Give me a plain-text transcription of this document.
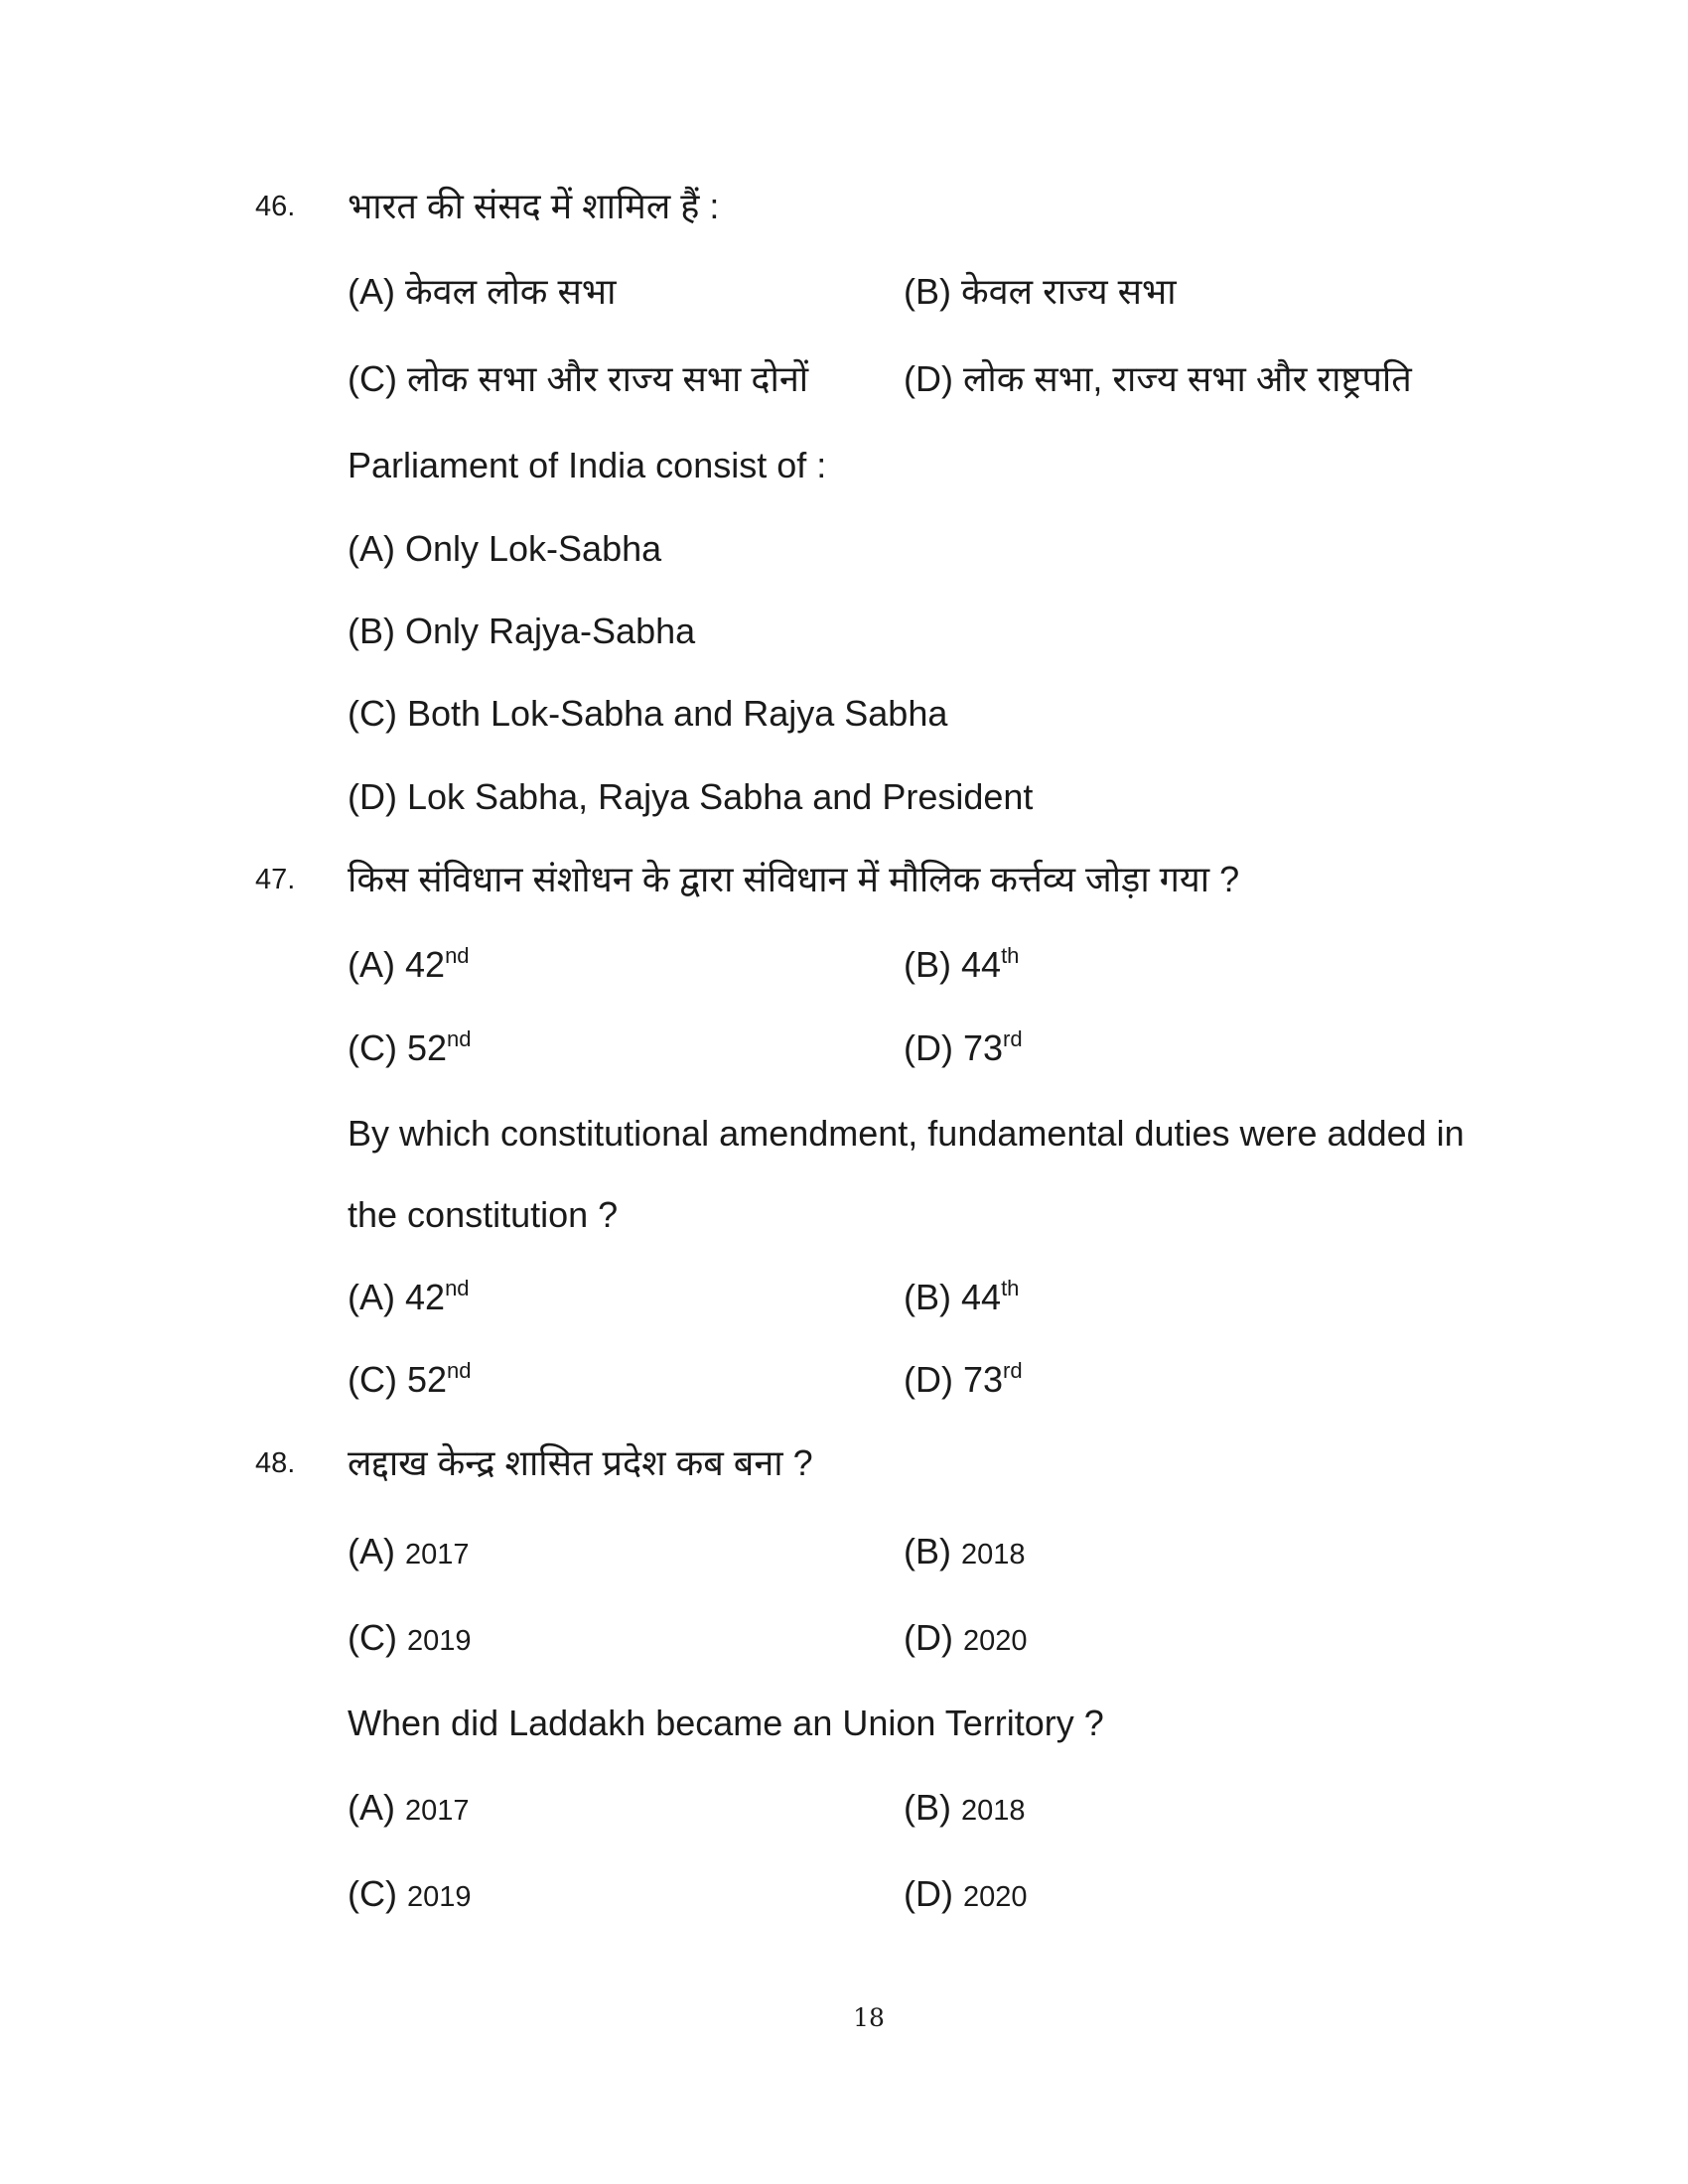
46. भारत की संसद में शामिल हैं :
(A) केवल लोक सभा	(B) केवल राज्य सभा
(C) लोक सभा और राज्य सभा दोनों	(D) लोक सभा, राज्य सभा और राष्ट्रपति
Parliament of India consist of :
(A) Only Lok-Sabha
(B) Only Rajya-Sabha
(C) Both Lok-Sabha and Rajya Sabha
(D) Lok Sabha, Rajya Sabha and President
47. किस संविधान संशोधन के द्वारा संविधान में मौलिक कर्त्तव्य जोड़ा गया ?
(A) 42nd	(B) 44th
(C) 52nd	(D) 73rd
By which constitutional amendment, fundamental duties were added in
the constitution ?
(A) 42nd	(B) 44th
(C) 52nd	(D) 73rd
48. लद्दाख केन्द्र शासित प्रदेश कब बना ?
(A) 2017	(B) 2018
(C) 2019	(D) 2020
When did Laddakh became an Union Territory ?
(A) 2017	(B) 2018
(C) 2019	(D) 2020
18
